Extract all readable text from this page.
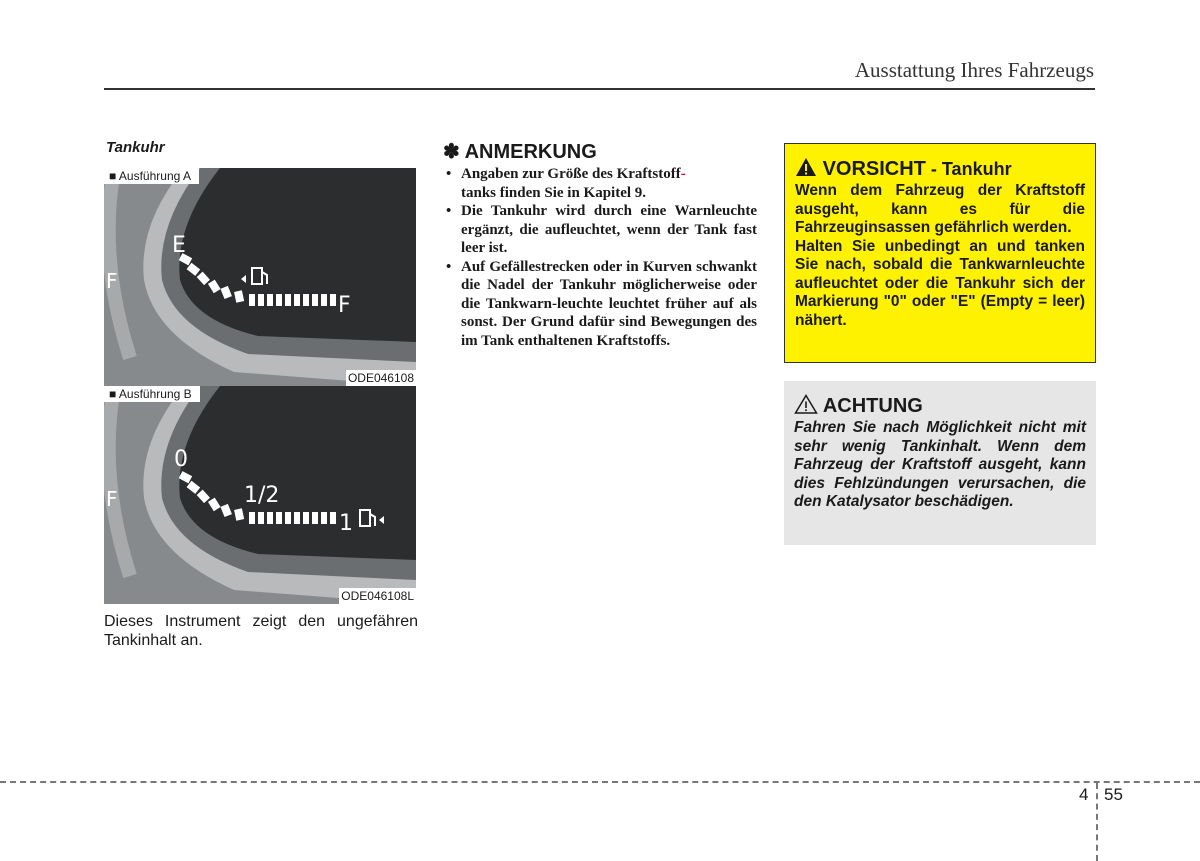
Ausstattung Ihres Fahrzeugs
Tankuhr
E
F
F
■ Ausführung A
ODE046108
0
1/2
1
F
■ Ausführung B
ODE046108L
Dieses Instrument zeigt den ungefähren Tankinhalt an.
✽ ANMERKUNG
• Angaben zur Größe des Kraftstoff-
tanks finden Sie in Kapitel 9.
• Die Tankuhr wird durch eine Warnleuchte ergänzt, die aufleuchtet, wenn der Tank fast leer ist.
• Auf Gefällestrecken oder in Kurven schwankt die Nadel der Tankuhr möglicherweise oder die Tankwarn-leuchte leuchtet früher auf als sonst. Der Grund dafür sind Bewegungen des im Tank enthaltenen Kraftstoffs.
VORSICHT - Tankuhr

Wenn dem Fahrzeug der Kraftstoff ausgeht, kann es für die Fahrzeuginsassen gefährlich werden.

Halten Sie unbedingt an und tanken Sie nach, sobald die Tankwarnleuchte aufleuchtet oder die Tankuhr sich der Markierung "0" oder "E" (Empty = leer) nähert.

ACHTUNG

Fahren Sie nach Möglichkeit nicht mit sehr wenig Tankinhalt. Wenn dem Fahrzeug der Kraftstoff ausgeht, kann dies Fehlzündungen verursachen, die den Katalysator beschädigen.

4 55
